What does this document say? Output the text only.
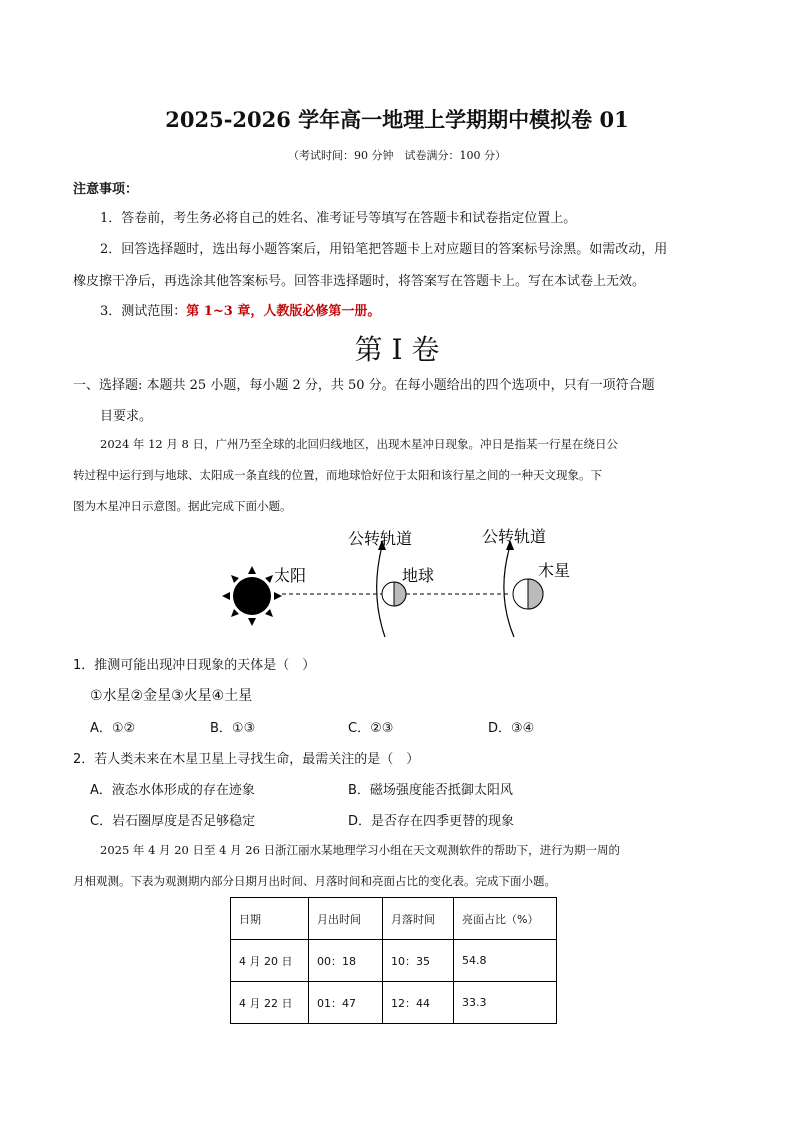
2025-2026 学年高一地理上学期期中模拟卷 01
（考试时间：90 分钟　试卷满分：100 分）
注意事项：
1．答卷前，考生务必将自己的姓名、准考证号等填写在答题卡和试卷指定位置上。
2．回答选择题时，选出每小题答案后，用铅笔把答题卡上对应题目的答案标号涂黑。如需改动，用
橡皮擦干净后，再选涂其他答案标号。回答非选择题时，将答案写在答题卡上。写在本试卷上无效。
3．测试范围：第 1~3 章，人教版必修第一册。
第 I 卷
一、选择题: 本题共 25 小题，每小题 2 分，共 50 分。在每小题给出的四个选项中，只有一项符合题
目要求。
2024 年 12 月 8 日，广州乃至全球的北回归线地区，出现木星冲日现象。冲日是指某一行星在绕日公
转过程中运行到与地球、太阳成一条直线的位置，而地球恰好位于太阳和该行星之间的一种天文现象。下
图为木星冲日示意图。据此完成下面小题。
太阳	地球	木星
公转轨道	公转轨道
1．推测可能出现冲日现象的天体是（　）
①水星②金星③火星④土星
A．①②	B．①③	C．②③	D．③④
2．若人类未来在木星卫星上寻找生命，最需关注的是（　）
A．液态水体形成的存在迹象	B．磁场强度能否抵御太阳风
C．岩石圈厚度是否足够稳定	D．是否存在四季更替的现象
2025 年 4 月 20 日至 4 月 26 日浙江丽水某地理学习小组在天文观测软件的帮助下，进行为期一周的
月相观测。下表为观测期内部分日期月出时间、月落时间和亮面占比的变化表。完成下面小题。
日期	月出时间	月落时间	亮面占比（%）
4 月 20 日	00：18	10：35	54.8
4 月 22 日	01：47	12：44	33.3
